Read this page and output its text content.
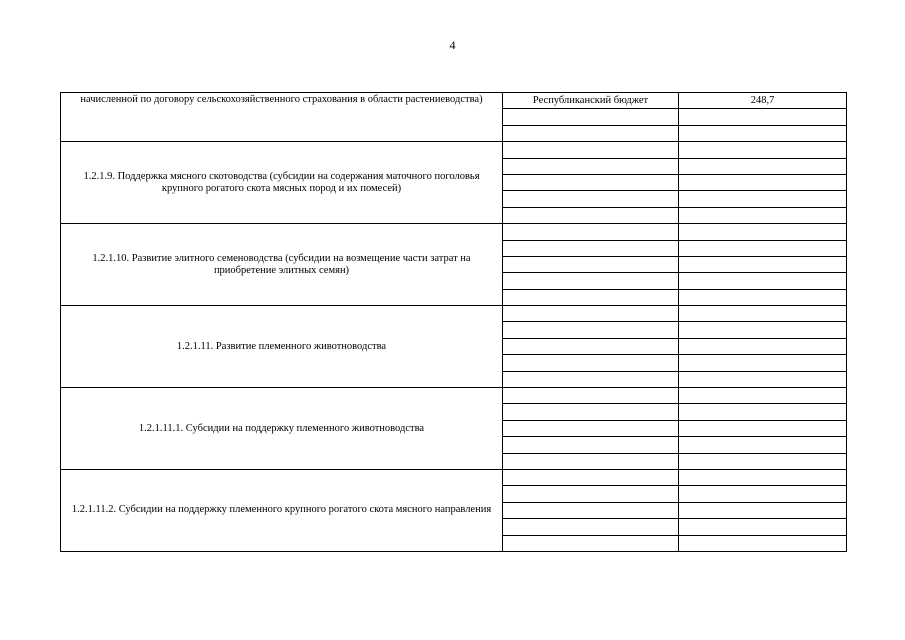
4
начисленной по договору сельскохозяйственного страхования в области растениеводства)	Республиканский бюджет	248,7

1.2.1.9. Поддержка мясного скотоводства (субсидии на содержания маточного поголовья крупного рогатого скота мясных пород и их помесей)		

1.2.1.10. Развитие элитного семеноводства (субсидии на возмещение части затрат на приобретение элитных семян)		

1.2.1.11. Развитие племенного животноводства		

1.2.1.11.1. Субсидии на поддержку племенного животноводства		

1.2.1.11.2. Субсидии на поддержку племенного крупного рогатого скота мясного направления		
